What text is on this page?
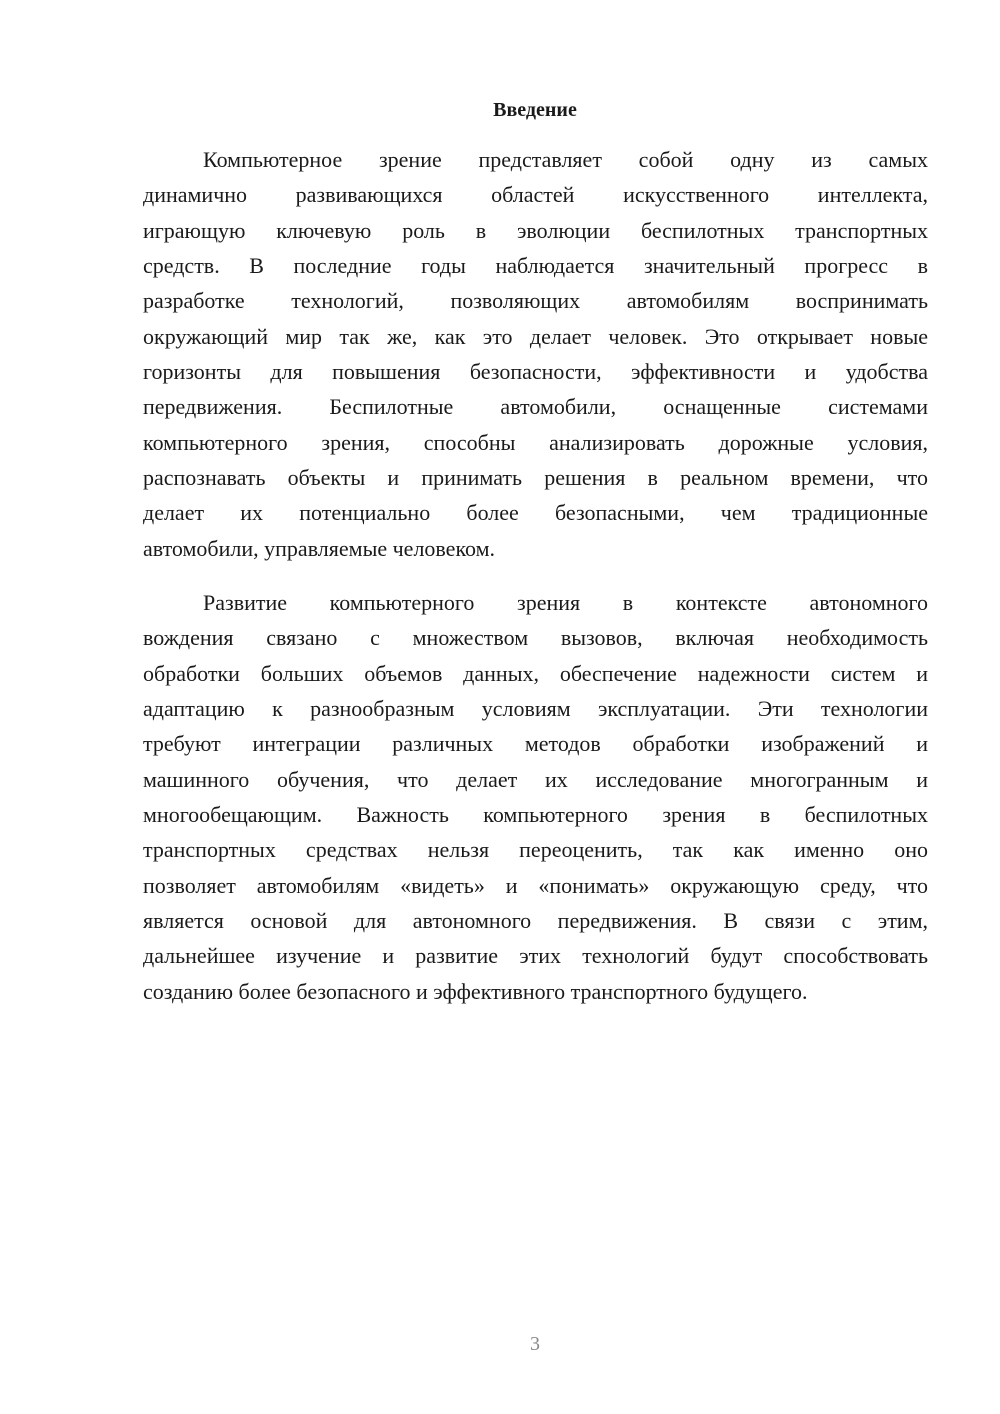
Введение
Компьютерное зрение представляет собой одну из самых
динамично развивающихся областей искусственного интеллекта,
играющую ключевую роль в эволюции беспилотных транспортных
средств. В последние годы наблюдается значительный прогресс в
разработке технологий, позволяющих автомобилям воспринимать
окружающий мир так же, как это делает человек. Это открывает новые
горизонты для повышения безопасности, эффективности и удобства
передвижения. Беспилотные автомобили, оснащенные системами
компьютерного зрения, способны анализировать дорожные условия,
распознавать объекты и принимать решения в реальном времени, что
делает их потенциально более безопасными, чем традиционные
автомобили, управляемые человеком.
Развитие компьютерного зрения в контексте автономного
вождения связано с множеством вызовов, включая необходимость
обработки больших объемов данных, обеспечение надежности систем и
адаптацию к разнообразным условиям эксплуатации. Эти технологии
требуют интеграции различных методов обработки изображений и
машинного обучения, что делает их исследование многогранным и
многообещающим. Важность компьютерного зрения в беспилотных
транспортных средствах нельзя переоценить, так как именно оно
позволяет автомобилям «видеть» и «понимать» окружающую среду, что
является основой для автономного передвижения. В связи с этим,
дальнейшее изучение и развитие этих технологий будут способствовать
созданию более безопасного и эффективного транспортного будущего.
3
